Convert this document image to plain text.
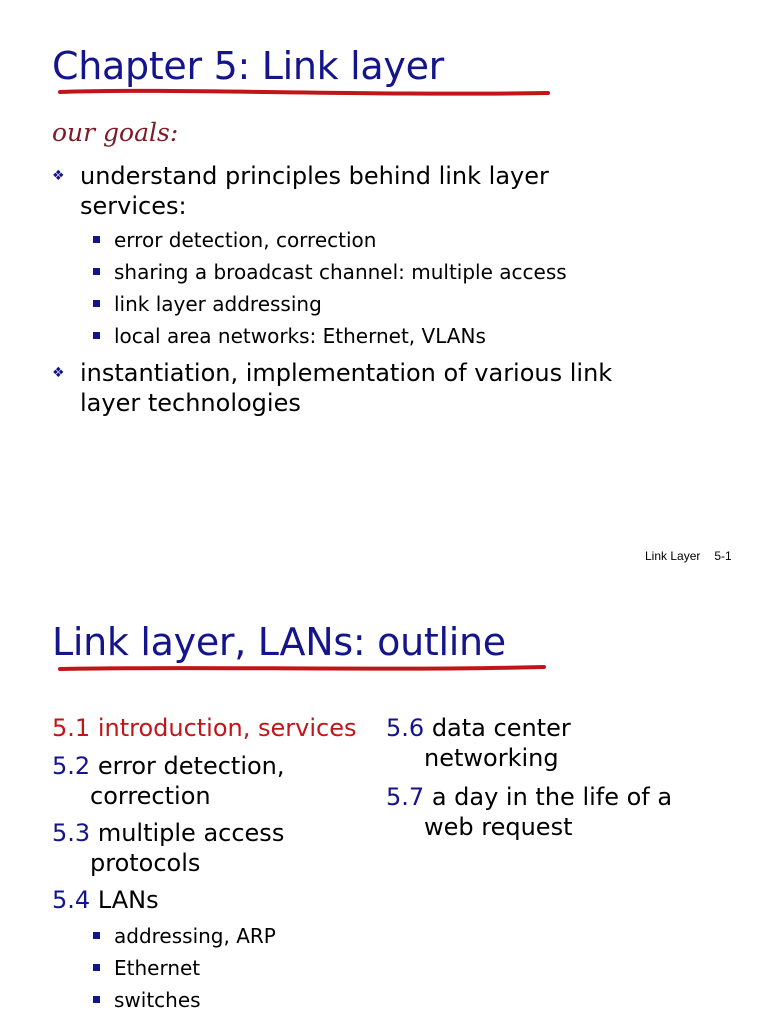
Chapter 5: Link layer
our goals:
❖ understand principles behind link layer
services:
error detection, correction
sharing a broadcast channel: multiple access
link layer addressing
local area networks: Ethernet, VLANs
❖ instantiation, implementation of various link
layer technologies
Link Layer 5-1
Link layer, LANs: outline
5.1 introduction, services
5.2 error detection,
correction
5.3 multiple access
protocols
5.4 LANs
addressing, ARP
Ethernet
switches
5.6 data center
networking
5.7 a day in the life of a
web request
